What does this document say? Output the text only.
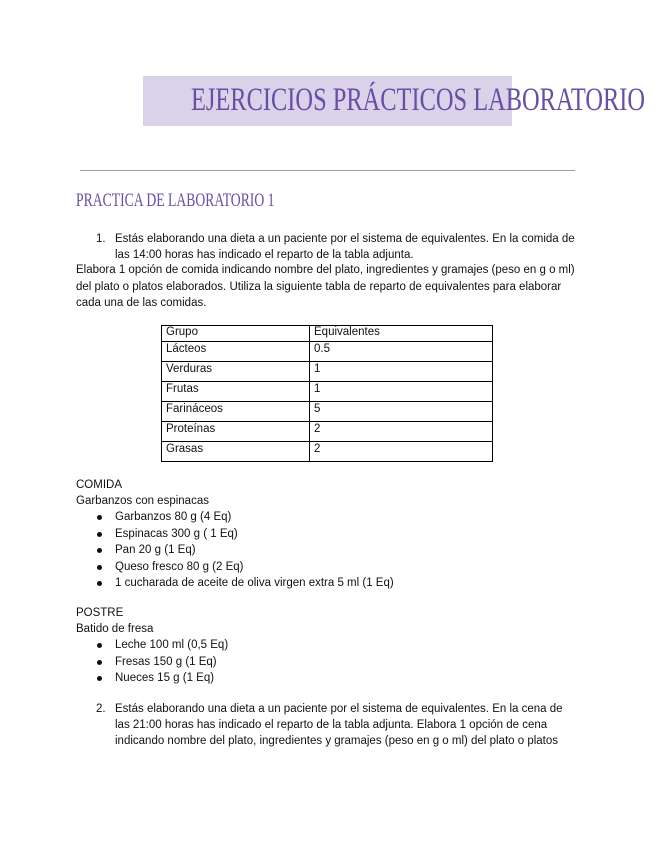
EJERCICIOS PRÁCTICOS LABORATORIO
PRACTICA DE LABORATORIO 1
1. Estás elaborando una dieta a un paciente por el sistema de equivalentes. En la comida de las 14:00 horas has indicado el reparto de la tabla adjunta.
Elabora 1 opción de comida indicando nombre del plato, ingredientes y gramajes (peso en g o ml) del plato o platos elaborados. Utiliza la siguiente tabla de reparto de equivalentes para elaborar cada una de las comidas.
Grupo	Equivalentes
Lácteos	0.5
Verduras	1
Frutas	1
Farináceos	5
Proteínas	2
Grasas	2
COMIDA
Garbanzos con espinacas
Garbanzos 80 g (4 Eq)
Espinacas 300 g ( 1 Eq)
Pan 20 g (1 Eq)
Queso fresco 80 g (2 Eq)
1 cucharada de aceite de oliva virgen extra 5 ml (1 Eq)
POSTRE
Batido de fresa
Leche 100 ml (0,5 Eq)
Fresas 150 g (1 Eq)
Nueces 15 g (1 Eq)
2. Estás elaborando una dieta a un paciente por el sistema de equivalentes. En la cena de las 21:00 horas has indicado el reparto de la tabla adjunta. Elabora 1 opción de cena indicando nombre del plato, ingredientes y gramajes (peso en g o ml) del plato o platos
